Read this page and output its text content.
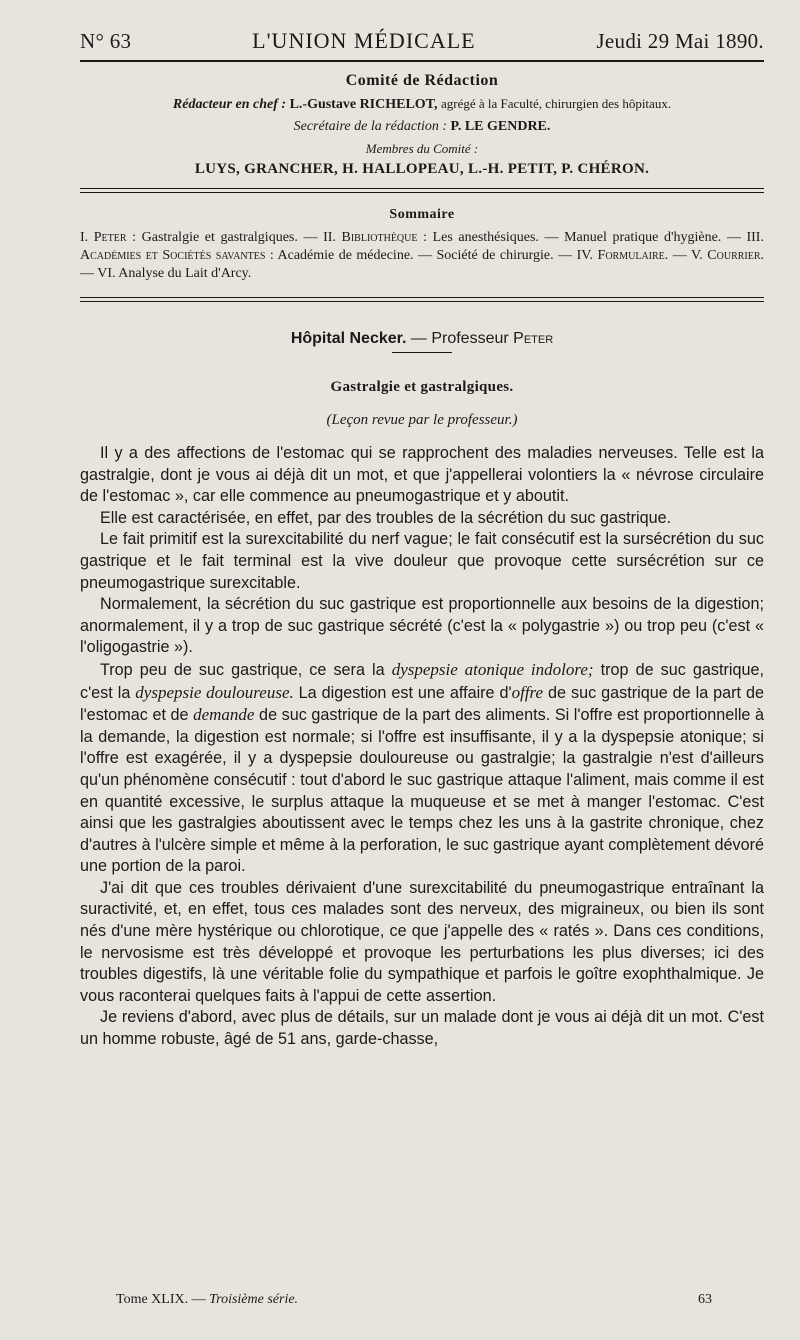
N° 63	L'UNION MÉDICALE	Jeudi 29 Mai 1890.
Comité de Rédaction
Rédacteur en chef : L.-Gustave RICHELOT, agrégé à la Faculté, chirurgien des hôpitaux.
Secrétaire de la rédaction : P. LE GENDRE.
Membres du Comité :
LUYS, GRANCHER, H. HALLOPEAU, L.-H. PETIT, P. CHÉRON.
Sommaire
I. Peter : Gastralgie et gastralgiques. — II. Bibliothèque : Les anesthésiques. — Manuel pratique d'hygiène. — III. Académies et Sociétés savantes : Académie de médecine. — Société de chirurgie. — IV. Formulaire. — V. Courrier. — VI. Analyse du Lait d'Arcy.
Hôpital Necker. — Professeur Peter
Gastralgie et gastralgiques.
(Leçon revue par le professeur.)

Il y a des affections de l'estomac qui se rapprochent des maladies nerveuses. Telle est la gastralgie, dont je vous ai déjà dit un mot, et que j'appellerai volontiers la « névrose circulaire de l'estomac », car elle commence au pneumogastrique et y aboutit.

Elle est caractérisée, en effet, par des troubles de la sécrétion du suc gastrique.

Le fait primitif est la surexcitabilité du nerf vague; le fait consécutif est la sursécrétion du suc gastrique et le fait terminal est la vive douleur que provoque cette sursécrétion sur ce pneumogastrique surexcitable.

Normalement, la sécrétion du suc gastrique est proportionnelle aux besoins de la digestion; anormalement, il y a trop de suc gastrique sécrété (c'est la « polygastrie ») ou trop peu (c'est « l'oligogastrie »).

Trop peu de suc gastrique, ce sera la dyspepsie atonique indolore; trop de suc gastrique, c'est la dyspepsie douloureuse. La digestion est une affaire d'offre de suc gastrique de la part de l'estomac et de demande de suc gastrique de la part des aliments. Si l'offre est proportionnelle à la demande, la digestion est normale; si l'offre est insuffisante, il y a la dyspepsie atonique; si l'offre est exagérée, il y a dyspepsie douloureuse ou gastralgie; la gastralgie n'est d'ailleurs qu'un phénomène consécutif : tout d'abord le suc gastrique attaque l'aliment, mais comme il est en quantité excessive, le surplus attaque la muqueuse et se met à manger l'estomac. C'est ainsi que les gastralgies aboutissent avec le temps chez les uns à la gastrite chronique, chez d'autres à l'ulcère simple et même à la perforation, le suc gastrique ayant complètement dévoré une portion de la paroi.

J'ai dit que ces troubles dérivaient d'une surexcitabilité du pneumogastrique entraînant la suractivité, et, en effet, tous ces malades sont des nerveux, des migraineux, ou bien ils sont nés d'une mère hystérique ou chlorotique, ce que j'appelle des « ratés ». Dans ces conditions, le nervosisme est très développé et provoque les perturbations les plus diverses; ici des troubles digestifs, là une véritable folie du sympathique et parfois le goître exophthalmique. Je vous raconterai quelques faits à l'appui de cette assertion.

Je reviens d'abord, avec plus de détails, sur un malade dont je vous ai déjà dit un mot. C'est un homme robuste, âgé de 51 ans, garde-chasse,

Tome XLIX. — Troisième série.	63
